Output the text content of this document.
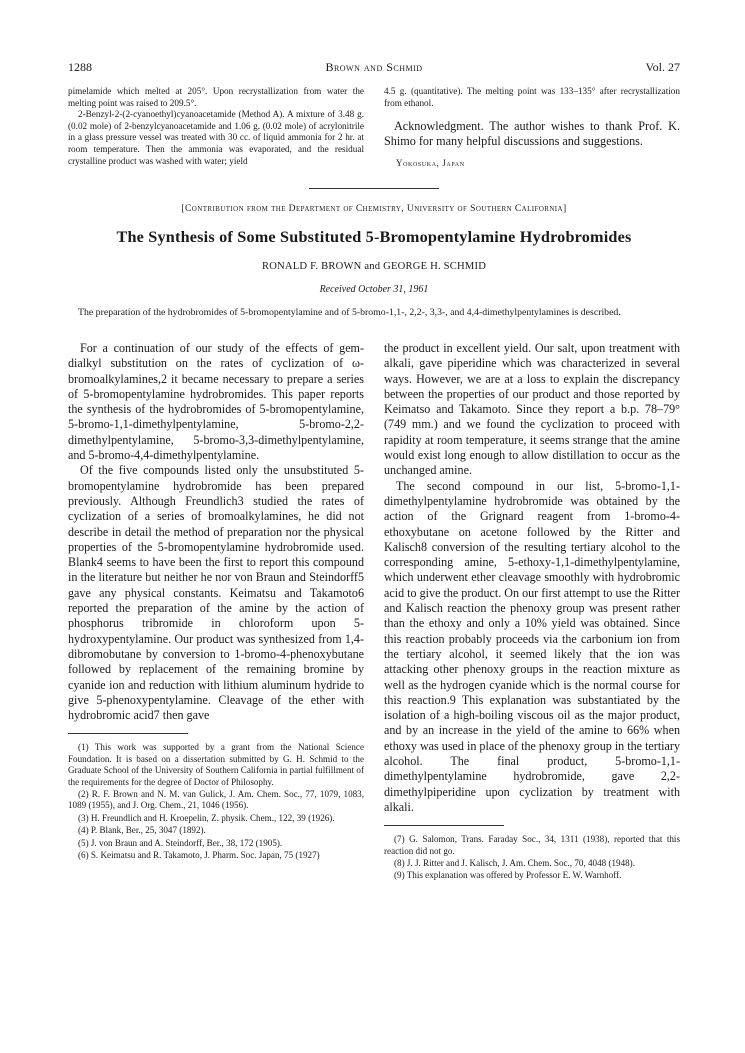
1288	Brown and Schmid	Vol. 27

pimelamide which melted at 205°. Upon recrystallization from water the melting point was raised to 209.5°.

2-Benzyl-2-(2-cyanoethyl)cyanoacetamide (Method A). A mixture of 3.48 g. (0.02 mole) of 2-benzylcyanoacetamide and 1.06 g. (0.02 mole) of acrylonitrile in a glass pressure vessel was treated with 30 cc. of liquid ammonia for 2 hr. at room temperature. Then the ammonia was evaporated, and the residual crystalline product was washed with water; yield

4.5 g. (quantitative). The melting point was 133–135° after recrystallization from ethanol.

Acknowledgment. The author wishes to thank Prof. K. Shimo for many helpful discussions and suggestions.

Yokosuka, Japan
[Contribution from the Department of Chemistry, University of Southern California]
The Synthesis of Some Substituted 5-Bromopentylamine Hydrobromides
RONALD F. BROWN and GEORGE H. SCHMID
Received October 31, 1961
The preparation of the hydrobromides of 5-bromopentylamine and of 5-bromo-1,1-, 2,2-, 3,3-, and 4,4-dimethylpentylamines is described.

For a continuation of our study of the effects of gem-dialkyl substitution on the rates of cyclization of ω-bromoalkylamines,2 it became necessary to prepare a series of 5-bromopentylamine hydrobromides. This paper reports the synthesis of the hydrobromides of 5-bromopentylamine, 5-bromo-1,1-dimethylpentylamine, 5-bromo-2,2-dimethylpentylamine, 5-bromo-3,3-dimethylpentylamine, and 5-bromo-4,4-dimethylpentylamine.

Of the five compounds listed only the unsubstituted 5-bromopentylamine hydrobromide has been prepared previously. Although Freundlich3 studied the rates of cyclization of a series of bromoalkylamines, he did not describe in detail the method of preparation nor the physical properties of the 5-bromopentylamine hydrobromide used. Blank4 seems to have been the first to report this compound in the literature but neither he nor von Braun and Steindorff5 gave any physical constants. Keimatsu and Takamoto6 reported the preparation of the amine by the action of phosphorus tribromide in chloroform upon 5-hydroxypentylamine. Our product was synthesized from 1,4-dibromobutane by conversion to 1-bromo-4-phenoxybutane followed by replacement of the remaining bromine by cyanide ion and reduction with lithium aluminum hydride to give 5-phenoxypentylamine. Cleavage of the ether with hydrobromic acid7 then gave

(1) This work was supported by a grant from the National Science Foundation. It is based on a dissertation submitted by G. H. Schmid to the Graduate School of the University of Southern California in partial fulfillment of the requirements for the degree of Doctor of Philosophy.

(2) R. F. Brown and N. M. van Gulick, J. Am. Chem. Soc., 77, 1079, 1083, 1089 (1955), and J. Org. Chem., 21, 1046 (1956).

(3) H. Freundlich and H. Kroepelin, Z. physik. Chem., 122, 39 (1926).

(4) P. Blank, Ber., 25, 3047 (1892).

(5) J. von Braun and A. Steindorff, Ber., 38, 172 (1905).

(6) S. Keimatsu and R. Takamoto, J. Pharm. Soc. Japan, 75 (1927)

the product in excellent yield. Our salt, upon treatment with alkali, gave piperidine which was characterized in several ways. However, we are at a loss to explain the discrepancy between the properties of our product and those reported by Keimatso and Takamoto. Since they report a b.p. 78–79° (749 mm.) and we found the cyclization to proceed with rapidity at room temperature, it seems strange that the amine would exist long enough to allow distillation to occur as the unchanged amine.

The second compound in our list, 5-bromo-1,1-dimethylpentylamine hydrobromide was obtained by the action of the Grignard reagent from 1-bromo-4-ethoxybutane on acetone followed by the Ritter and Kalisch8 conversion of the resulting tertiary alcohol to the corresponding amine, 5-ethoxy-1,1-dimethylpentylamine, which underwent ether cleavage smoothly with hydrobromic acid to give the product. On our first attempt to use the Ritter and Kalisch reaction the phenoxy group was present rather than the ethoxy and only a 10% yield was obtained. Since this reaction probably proceeds via the carbonium ion from the tertiary alcohol, it seemed likely that the ion was attacking other phenoxy groups in the reaction mixture as well as the hydrogen cyanide which is the normal course for this reaction.9 This explanation was substantiated by the isolation of a high-boiling viscous oil as the major product, and by an increase in the yield of the amine to 66% when ethoxy was used in place of the phenoxy group in the tertiary alcohol. The final product, 5-bromo-1,1-dimethylpentylamine hydrobromide, gave 2,2-dimethylpiperidine upon cyclization by treatment with alkali.

(7) G. Salomon, Trans. Faraday Soc., 34, 1311 (1938), reported that this reaction did not go.

(8) J. J. Ritter and J. Kalisch, J. Am. Chem. Soc., 70, 4048 (1948).

(9) This explanation was offered by Professor E. W. Warnhoff.
